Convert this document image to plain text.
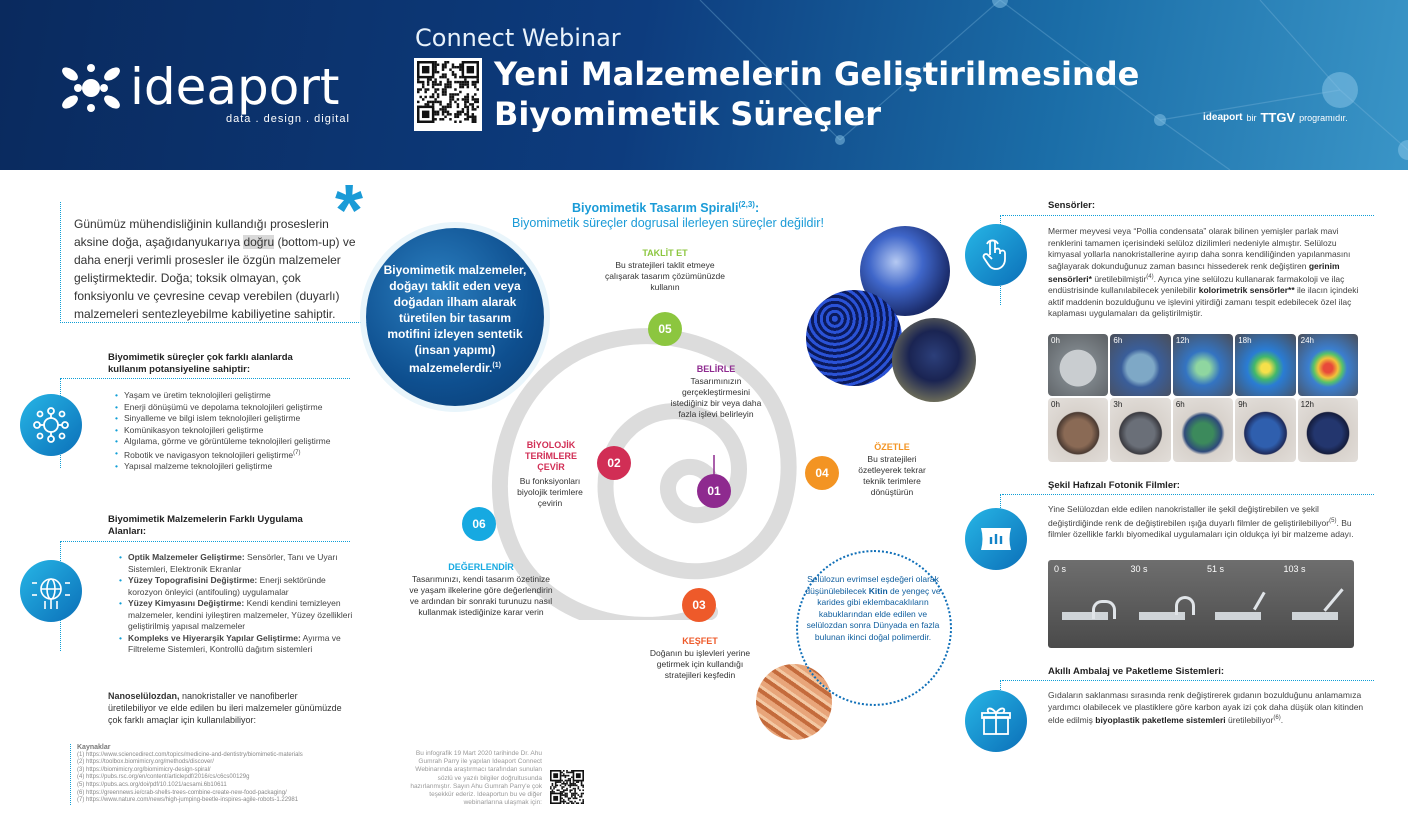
ideaport
data . design . digital
Connect Webinar
Yeni Malzemelerin Geliştirilmesinde
Biyomimetik Süreçler	ideaport bir TTGV programıdır.
*
Günümüz mühendisliğinin kullandığı proseslerin aksine doğa, aşağıdanyukarıya doğru (bottom-up) ve daha enerji verimli prosesler ile özgün malzemeler geliştirmektedir. Doğa; toksik olmayan, çok fonksiyonlu ve çevresine cevap verebilen (duyarlı) malzemeleri sentezleyebilme kabiliyetine sahiptir.
Biyomimetik süreçler çok farklı alanlarda kullanım potansiyeline sahiptir:
• Yaşam ve üretim teknolojileri geliştirme
• Enerji dönüşümü ve depolama teknolojileri geliştirme
• Sinyalleme ve bilgi islem teknolojileri geliştirme
• Komünikasyon teknolojileri geliştirme
• Algılama, görme ve görüntüleme teknolojileri geliştirme
• Robotik ve navigasyon teknolojileri geliştirme$^{(7)}$
• Yapısal malzeme teknolojileri geliştirme
Biyomimetik Malzemelerin Farklı Uygulama Alanları:
• Optik Malzemeler Geliştirme: Sensörler, Tanı ve Uyarı Sistemleri, Elektronik Ekranlar
• Yüzey Topografisini Değiştirme: Enerji sektöründe korozyon önleyici (antifouling) uygulamalar
• Yüzey Kimyasını Değiştirme: Kendi kendini temizleyen malzemeler, kendini iyileştiren malzemeler, Yüzey özellikleri geliştirilmiş yapısal malzemeler
• Kompleks ve Hiyerarşik Yapılar Geliştirme: Ayırma ve Filtreleme Sistemleri, Kontrollü dağıtım sistemleri
Nanoselülozdan, nanokristaller ve nanofiberler üretilebiliyor ve elde edilen bu ileri malzemeler günümüzde çok farklı amaçlar için kullanılabiliyor:
Kaynaklar
(1) https://www.sciencedirect.com/topics/medicine-and-dentistry/biomimetic-materials
(2) https://toolbox.biomimicry.org/methods/discover/
(3) https://biomimicry.org/biomimicry-design-spiral/
(4) https://pubs.rsc.org/en/content/articlepdf/2016/cs/c6cs00129g
(5) https://pubs.acs.org/doi/pdf/10.1021/acsami.6b10611
(6) https://greennews.ie/crab-shells-trees-combine-create-new-food-packaging/
(7) https://www.nature.com/news/high-jumping-beetle-inspires-agile-robots-1.22981
Biyomimetik Tasarım Spirali$^{(2,3)}$:
Biyomimetik süreçler dogrusal ilerleyen süreçler değildir!
Biyomimetik malzemeler, doğayı taklit eden veya doğadan ilham alarak türetilen bir tasarım motifini izleyen sentetik (insan yapımı) malzemelerdir.$^{(1)}$
TAKLİT ET
Bu stratejileri taklit etmeye çalışarak tasarım çözümünüzde kullanın
05
BELİRLE
Tasarımınızın gerçekleştirmesini istediğiniz bir veya daha fazla işlevi belirleyin
01
BİYOLOJİK TERİMLERE ÇEVİR
Bu fonksiyonları biyolojik terimlere çevirin
02
04
ÖZETLE
Bu stratejileri özetleyerek tekrar teknik terimlere dönüştürün
06
DEĞERLENDİR
Tasarımınızı, kendi tasarım özetinize ve yaşam ilkelerine göre değerlendirin ve ardından bir sonraki turunuzu nasıl kullanmak istediğinize karar verin	03
KEŞFET
Doğanın bu işlevleri yerine getirmek için kullandığı stratejileri keşfedin
Selülozun evrimsel eşdeğeri olarak düşünülebilecek Kitin de yengeç ve karides gibi eklembacaklıların kabuklarından elde edilen ve selülozdan sonra Dünyada en fazla bulunan ikinci doğal polimerdir.
Bu infografik 19 Mart 2020 tarihinde Dr. Ahu Gumrah Parry ile yapılan Ideaport Connect Webinarında araştırmacı tarafından sunulan sözlü ve yazılı bilgiler doğrultusunda hazırlanmıştır. Sayın Ahu Gumrah Parry'e çok teşekkür ederiz. Ideaportun bu ve diğer webinarlarına ulaşmak için:
Sensörler:
Mermer meyvesi veya “Pollia condensata” olarak bilinen yemişler parlak mavi renklerini tamamen içerisindeki selüloz dizilimleri nedeniyle almıştır. Selülozu kimyasal yollarla nanokristallerine ayırıp daha sonra kendiliğinden yapılanmasını sağlayarak dokunduğunuz zaman basıncı hissederek renk değiştiren gerinim sensörleri* üretilebilmiştir$^{(4)}$. Ayrıca yine selülozu kullanarak farmakoloji ve ilaç endüstrisinde kullanılabilecek yenilebilir kolorimetrik sensörler** ile ilacın içindeki aktif maddenin bozulduğunu ve işlevini yitirdiği zamanı tespit edebilecek özel ilaç kaplaması uygulamaları da geliştirilmiştir.
0h	6h	12h	18h	24h
0h	3h	6h	9h	12h
Şekil Hafızalı Fotonik Filmler:
Yine Selülozdan elde edilen nanokristaller ile şekil değiştirebilen ve şekil değiştirdiğinde renk de değiştirebilen ışığa duyarlı filmler de geliştirilebiliyor$^{(5)}$. Bu filmler özellikle farklı biyomedikal uygulamaları için oldukça iyi bir malzeme adayı.
0 s	30 s	51 s	103 s
Akıllı Ambalaj ve Paketleme Sistemleri:
Gıdaların saklanması sırasında renk değiştirerek gıdanın bozulduğunu anlamamıza yardımcı olabilecek ve plastiklere göre karbon ayak izi çok daha düşük olan kitinden elde edilmiş biyoplastik paketleme sistemleri üretilebiliyor$^{(6)}$.
